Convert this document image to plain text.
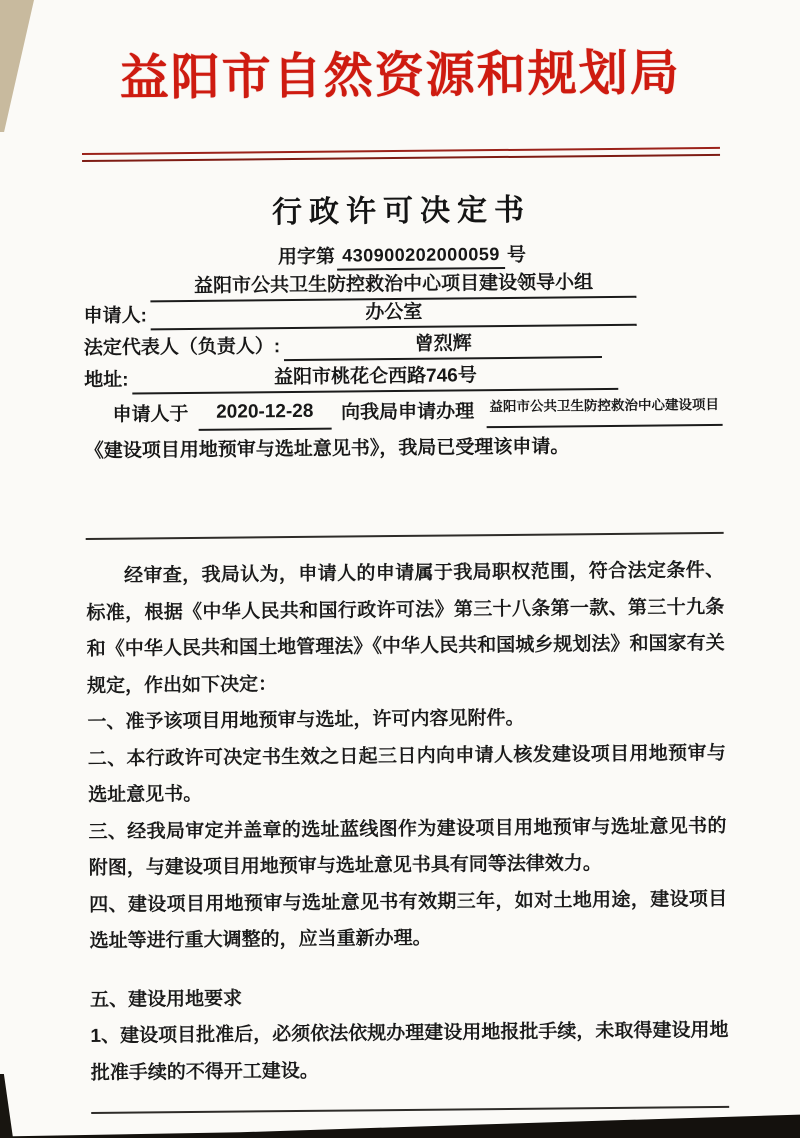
益阳市自然资源和规划局
行政许可决定书
用字第 430900202000059 号
申请人:
益阳市公共卫生防控救治中心项目建设领导小组
办公室
法定代表人（负责人）:	曾烈辉
地址:	益阳市桃花仑西路746号
申请人于	2020-12-28	向我局申请办理 益阳市公共卫生防控救治中心建设项目

《建设项目用地预审与选址意见书》，我局已受理该申请。

经审查，我局认为，申请人的申请属于我局职权范围，符合法定条件、标准，根据《中华人民共和国行政许可法》第三十八条第一款、第三十九条和《中华人民共和国土地管理法》《中华人民共和国城乡规划法》和国家有关规定，作出如下决定：

一、准予该项目用地预审与选址，许可内容见附件。

二、本行政许可决定书生效之日起三日内向申请人核发建设项目用地预审与选址意见书。

三、经我局审定并盖章的选址蓝线图作为建设项目用地预审与选址意见书的附图，与建设项目用地预审与选址意见书具有同等法律效力。

四、建设项目用地预审与选址意见书有效期三年，如对土地用途，建设项目选址等进行重大调整的，应当重新办理。

五、建设用地要求

1、建设项目批准后，必须依法依规办理建设用地报批手续，未取得建设用地批准手续的不得开工建设。
